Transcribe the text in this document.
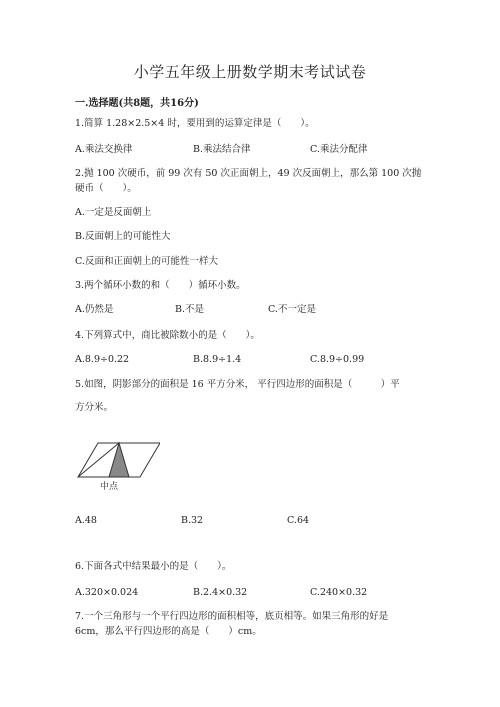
小学五年级上册数学期末考试试卷
一.选择题(共8题，共16分)
1.简算 1.28×2.5×4 时，要用到的运算定律是（　　）。
A.乘法交换律	B.乘法结合律	C.乘法分配律
2.抛 100 次硬币，前 99 次有 50 次正面朝上，49 次反面朝上，那么第 100 次抛
硬币（　　）。
A.一定是反面朝上
B.反面朝上的可能性大
C.反面和正面朝上的可能性一样大
3.两个循环小数的和（　　）循环小数。
A.仍然是	B.不是	C.不一定是
4.下列算式中，商比被除数小的是（　　）。
A.8.9÷0.22	B.8.9÷1.4	C.8.9÷0.99
5.如图，阴影部分的面积是 16 平方分米， 平行四边形的面积是（　　　）平
方分米。
中点
A.48	B.32	C.64
6.下面各式中结果最小的是（　　）。
A.320×0.024	B.2.4×0.32	C.240×0.32
7.一个三角形与一个平行四边形的面积相等，底页相等。如果三角形的好是
6cm，那么平行四边形的高是（　　）cm。
